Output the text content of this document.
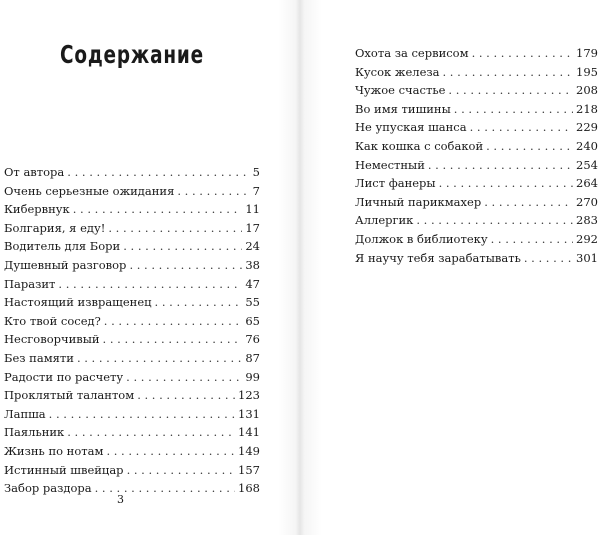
Содержание
От автора . . .	5
Очень серьезные ожидания . . .	7
Кибервнук . . .	11
Болгария, я еду! . . .	17
Водитель для Бори . . .	24
Душевный разговор . . .	38
Паразит . . .	47
Настоящий извращенец . . .	55
Кто твой сосед? . . .	65
Несговорчивый . . .	76
Без памяти . . .	87
Радости по расчету . . .	99
Проклятый талантом . . .	123
Лапша . . .	131
Паяльник . . .	141
Жизнь по нотам . . .	149
Истинный швейцар . . .	157
Забор раздора . . .	168
3
Охота за сервисом . . .	179
Кусок железа . . .	195
Чужое счастье . . .	208
Во имя тишины . . .	218
Не упуская шанса . . .	229
Как кошка с собакой . . .	240
Неместный . . .	254
Лист фанеры . . .	264
Личный парикмахер . . .	270
Аллергик . . .	283
Должок в библиотеку . . .	292
Я научу тебя зарабатывать . . .	301
